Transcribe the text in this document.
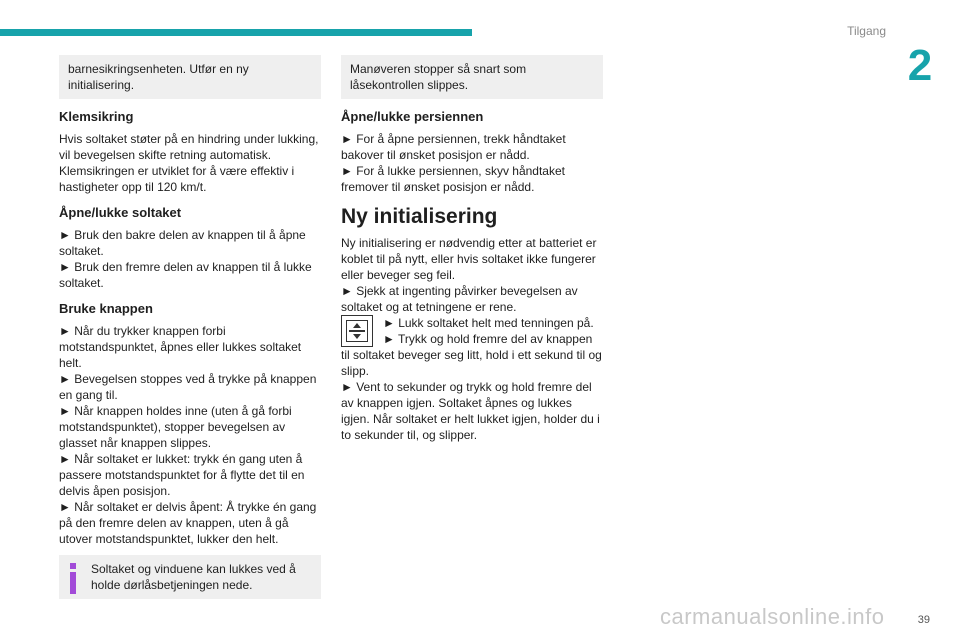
Tilgang
2
barnesikringsenheten. Utfør en ny initialisering.
Klemsikring

Hvis soltaket støter på en hindring under lukking, vil bevegelsen skifte retning automatisk. Klemsikringen er utviklet for å være effektiv i hastigheter opp til 120 km/t.

Åpne/lukke soltaket

► Bruk den bakre delen av knappen til å åpne soltaket.

► Bruk den fremre delen av knappen til å lukke soltaket.

Bruke knappen

► Når du trykker knappen forbi motstandspunktet, åpnes eller lukkes soltaket helt.

► Bevegelsen stoppes ved å trykke på knappen en gang til.

► Når knappen holdes inne (uten å gå forbi motstandspunktet), stopper bevegelsen av glasset når knappen slippes.

► Når soltaket er lukket: trykk én gang uten å passere motstandspunktet for å flytte det til en delvis åpen posisjon.

► Når soltaket er delvis åpent: Å trykke én gang på den fremre delen av knappen, uten å gå utover motstandspunktet, lukker den helt.

Soltaket og vinduene kan lukkes ved å holde dørlåsbetjeningen nede.
Manøveren stopper så snart som låsekontrollen slippes.
Åpne/lukke persiennen

► For å åpne persiennen, trekk håndtaket bakover til ønsket posisjon er nådd.

► For å lukke persiennen, skyv håndtaket fremover til ønsket posisjon er nådd.

Ny initialisering

Ny initialisering er nødvendig etter at batteriet er koblet til på nytt, eller hvis soltaket ikke fungerer eller beveger seg feil.

► Sjekk at ingenting påvirker bevegelsen av soltaket og at tetningene er rene.

► Lukk soltaket helt med tenningen på.

► Trykk og hold fremre del av knappen til soltaket beveger seg litt, hold i ett sekund til og slipp.

► Vent to sekunder og trykk og hold fremre del av knappen igjen. Soltaket åpnes og lukkes igjen. Når soltaket er helt lukket igjen, holder du i to sekunder til, og slipper.

carmanualsonline.info	39
